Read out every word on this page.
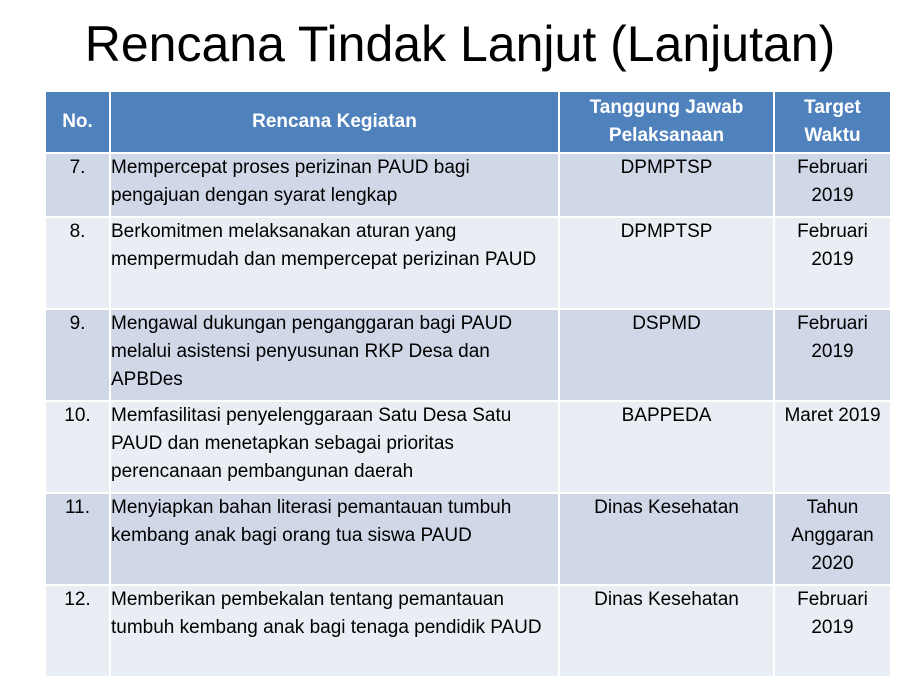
Rencana Tindak Lanjut (Lanjutan)
No.	Rencana Kegiatan	Tanggung Jawab Pelaksanaan	Target Waktu
7.	Mempercepat proses perizinan PAUD bagi pengajuan dengan syarat lengkap	DPMPTSP	Februari 2019
8.	Berkomitmen melaksanakan aturan yang mempermudah dan mempercepat perizinan PAUD	DPMPTSP	Februari 2019
9.	Mengawal dukungan penganggaran bagi PAUD melalui asistensi penyusunan RKP Desa dan APBDes	DSPMD	Februari 2019
10.	Memfasilitasi penyelenggaraan Satu Desa Satu PAUD dan menetapkan sebagai prioritas perencanaan pembangunan daerah	BAPPEDA	Maret 2019
11.	Menyiapkan bahan literasi pemantauan tumbuh kembang anak bagi orang tua siswa PAUD	Dinas Kesehatan	Tahun Anggaran 2020
12.	Memberikan pembekalan tentang pemantauan tumbuh kembang anak bagi tenaga pendidik PAUD	Dinas Kesehatan	Februari 2019
